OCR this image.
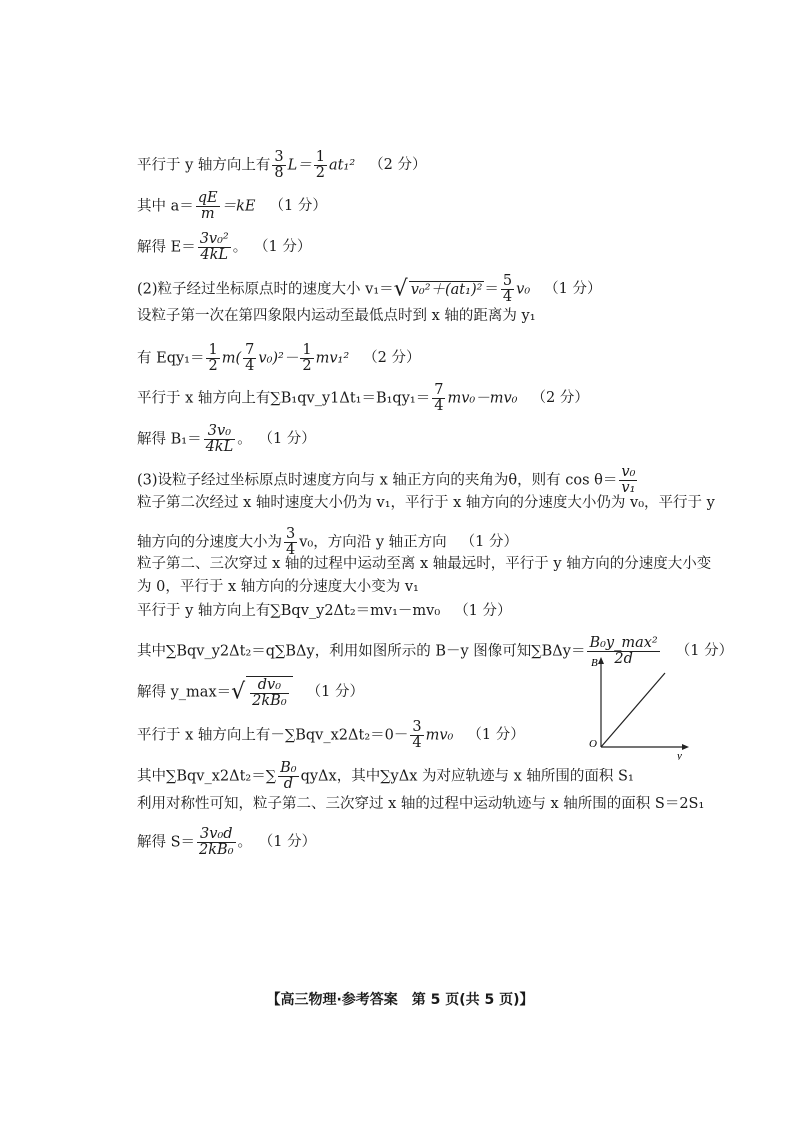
平行于 y 轴方向上有 $\frac{3}{8} L= \frac{1}{2} at_1^2$ （2 分）
其中 $a= \frac{qE}{m} =kE$ （1 分）
解得 $E= \frac{\text{3v₀²}}{4kL}$ 。 （1 分）
(2)粒子经过坐标原点时的速度大小 v₁＝√ $v_0^2+(at_1)^2 = \frac{5}{4} v_0$ （1 分）
设粒子第一次在第四象限内运动至最低点时到 x 轴的距离为 y₁
有 $Eqy_1= \frac{1}{2} m( \frac{7}{4} v_0)^2- \frac{1}{2} mv_1^2$ （2 分）
平行于 x 轴方向上有∑B₁qv_y1Δt₁＝B₁qy₁＝ $\frac{7}{4} mv_0-mv_0$ （2 分）
解得 $B_1= \frac{\text{3v₀}}{4kL}$ 。 （1 分）
(3)设粒子经过坐标原点时速度方向与 x 轴正方向的夹角为θ，则有 $\cos \theta= \frac{\text{v₀}}{\text{v₁}}$
粒子第二次经过 x 轴时速度大小仍为 v₁，平行于 x 轴方向的分速度大小仍为 v₀，平行于 y
轴方向的分速度大小为 $\frac{3}{4} v_0$，方向沿 y 轴正方向 （1 分）
粒子第二、三次穿过 x 轴的过程中运动至离 x 轴最远时，平行于 y 轴方向的分速度大小变
为 0，平行于 x 轴方向的分速度大小变为 v₁
平行于 y 轴方向上有∑Bqv_y2Δt₂＝mv₁－mv₀ （1 分）
其中∑Bqv_y2Δt₂＝q∑BΔy，利用如图所示的 B－y 图像可知∑BΔy＝
B₀y_max²
2d	（1 分）
解得 y_max＝√ $\frac{\text{dv₀}}{\text{2kB₀}} (1$ 分）
平行于 x 轴方向上有－∑Bqv_x2Δt₂＝0－ $\frac{3}{4} mv_0$ （1 分）
其中∑Bqv_x2Δt₂＝∑ $\frac{\text{B₀}}{d}$ qyΔx，其中∑yΔx 为对应轨迹与 x 轴所围的面积 S₁
利用对称性可知，粒子第二、三次穿过 x 轴的过程中运动轨迹与 x 轴所围的面积 S＝2S₁
解得 $S= \frac{\text{3v₀d}}{\text{2kB₀}}$ 。 （1 分）
B
O
y
【高三物理·参考答案　第 5 页(共 5 页)】
